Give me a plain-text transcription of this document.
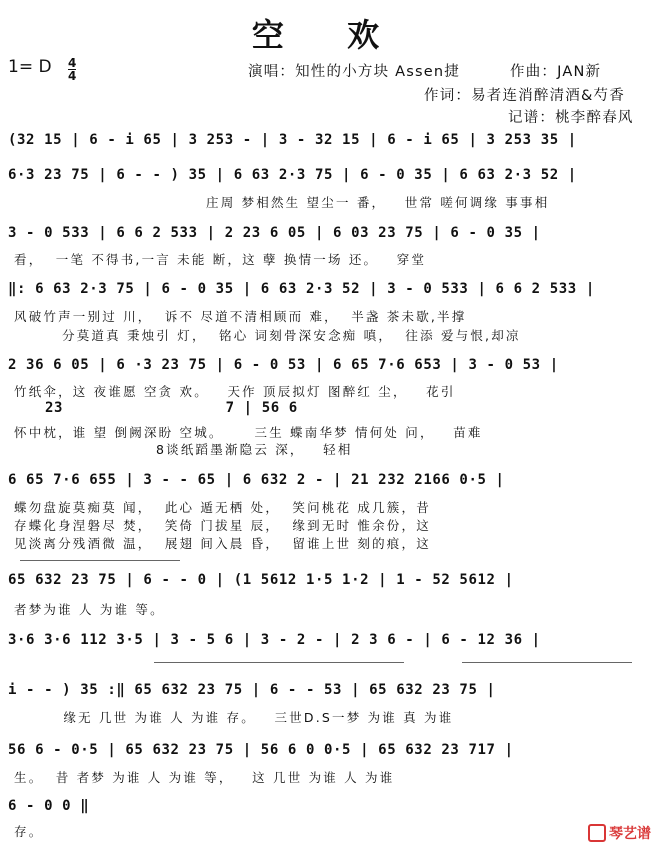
空 欢
1= D 4
4	演唱：知性的小方块 Assen捷	作曲：JAN新
作词：易者连消醉清酒&芍香
记谱：桃李醉春风
(32 15 | 6 - i 65 | 3 253 - | 3 - 32 15 | 6 - i 65 | 3 253 35 |
6·3 23 75 | 6 - - ) 35 | 6 63 2·3 75 | 6 - 0 35 | 6 63 2·3 52 |
庄周 梦相然生 望尘一 番，   世常 嗟何调缘 事事相
3 - 0 533 | 6 6 2 533 | 2 23 6 05 | 6 03 23 75 | 6 - 0 35 |
看，  一笔 不得书,一言 未能 断，这 孽 换情一场 还。   穿堂
‖: 6 63 2·3 75 | 6 - 0 35 | 6 63 2·3 52 | 3 - 0 533 | 6 6 2 533 |
风破竹声一别过 川，  诉不 尽道不清相顾而 难，  半盏 茶未歇,半撑
分莫道真 秉烛引 灯，  铭心 词刻骨深安念痴 嗔，  往添 爱与恨,却凉
2 36 6 05 | 6 ·3 23 75 | 6 - 0 53 | 6 65 7·6 653 | 3 - 0 53 |
竹纸伞，这 夜谁愿 空贪 欢。   天作 顶辰拟灯 图醉红 尘，   花引
23                  7 | 56 6
怀中枕，谁 望 倒阙深盼 空城。     三生 蝶南华梦 情何处 问，   苗难
8谈纸蹈墨渐隐云 深，   轻相
6 65 7·6 655 | 3 - - 65 | 6 632 2 - | 21 232 2166 0·5 |
蝶勿盘旋莫痴莫 闻，  此心 遁无栖 处，  笑问桃花 成几簇，昔
存蝶化身涅磐尽 焚，  笑倚 门拔星 辰，  缘到无时 惟余份，这
见淡离分残酒微 温，  展翅 间入晨 昏，  留谁上世 刻的痕，这
65 632 23 75 | 6 - - 0 | (1 5612 1·5 1·2 | 1 - 52 5612 |
者梦为谁 人 为谁 等。
3·6 3·6 112 3·5 | 3 - 5 6 | 3 - 2 - | 2 3 6 - | 6 - 12 36 |
i - - ) 35 :‖ 65 632 23 75 | 6 - - 53 | 65 632 23 75 |
缘无 几世 为谁 人 为谁 存。   三世D.S一梦 为谁 真 为谁
56 6 - 0·5 | 65 632 23 75 | 56 6 0 0·5 | 65 632 23 717 |
生。  昔 者梦 为谁 人 为谁 等，   这 几世 为谁 人 为谁
6 - 0 0 ‖
存。	琴艺谱
